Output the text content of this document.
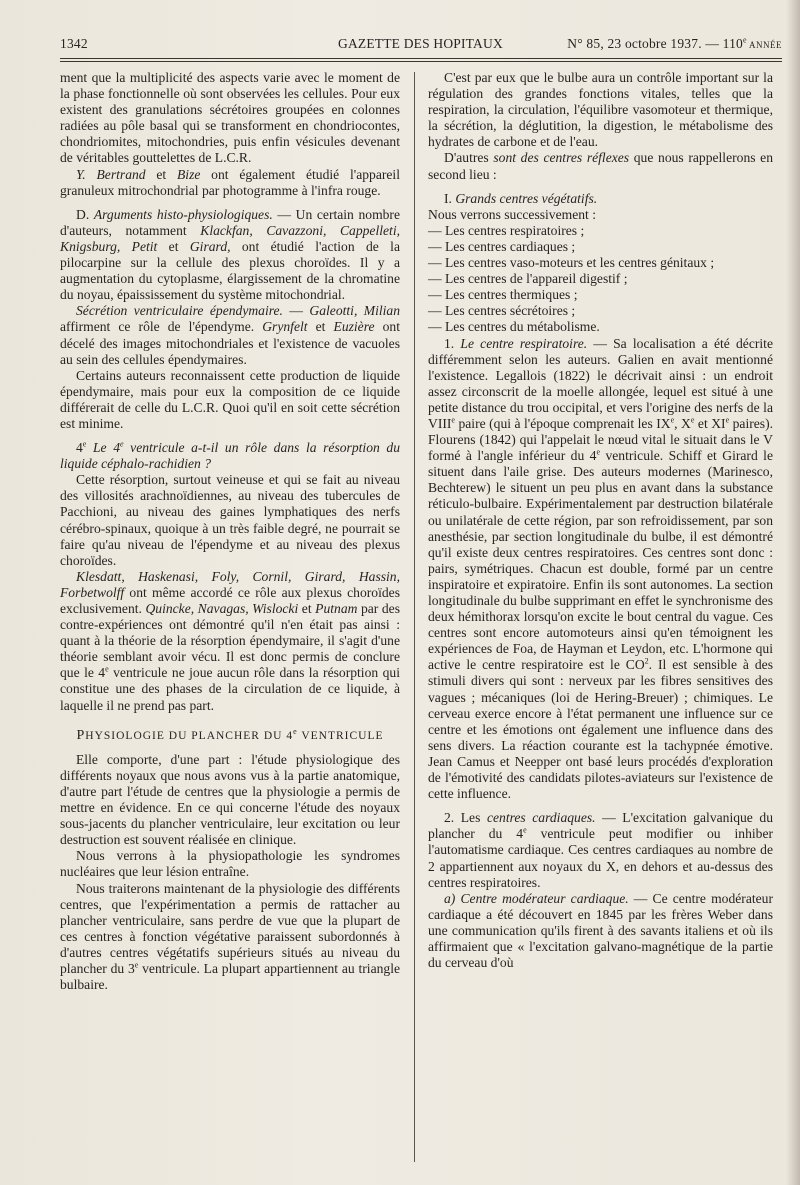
1342	GAZETTE DES HOPITAUX	N° 85, 23 octobre 1937. — 110e ANNÉE

ment que la multiplicité des aspects varie avec le moment de la phase fonctionnelle où sont observées les cellules. Pour eux existent des granulations sécrétoires groupées en colonnes radiées au pôle basal qui se transforment en chondriocontes, chondriomites, mitochondries, puis enfin vésicules devenant de véritables gouttelettes de L.C.R.

Y. Bertrand et Bize ont également étudié l'appareil granuleux mitrochondrial par photogramme à l'infra rouge.

D. Arguments histo-physiologiques. — Un certain nombre d'auteurs, notamment Klackfan, Cavazzoni, Cappelleti, Knigsburg, Petit et Girard, ont étudié l'action de la pilocarpine sur la cellule des plexus choroïdes. Il y a augmentation du cytoplasme, élargissement de la chromatine du noyau, épaississement du système mitochondrial.

Sécrétion ventriculaire épendymaire. — Galeotti, Milian affirment ce rôle de l'épendyme. Grynfelt et Euzière ont décelé des images mitochondriales et l'existence de vacuoles au sein des cellules épendymaires.

Certains auteurs reconnaissent cette production de liquide épendymaire, mais pour eux la composition de ce liquide différerait de celle du L.C.R. Quoi qu'il en soit cette sécrétion est minime.

4e Le 4e ventricule a-t-il un rôle dans la résorption du liquide céphalo-rachidien ?

Cette résorption, surtout veineuse et qui se fait au niveau des villosités arachnoïdiennes, au niveau des tubercules de Pacchioni, au niveau des gaines lymphatiques des nerfs cérébro-spinaux, quoique à un très faible degré, ne pourrait se faire qu'au niveau de l'épendyme et au niveau des plexus choroïdes.

Klesdatt, Haskenasi, Foly, Cornil, Girard, Hassin, Forbetwolff ont même accordé ce rôle aux plexus choroïdes exclusivement. Quincke, Navagas, Wislocki et Putnam par des contre-expériences ont démontré qu'il n'en était pas ainsi : quant à la théorie de la résorption épendymaire, il s'agit d'une théorie semblant avoir vécu. Il est donc permis de conclure que le 4e ventricule ne joue aucun rôle dans la résorption qui constitue une des phases de la circulation de ce liquide, à laquelle il ne prend pas part.

PHYSIOLOGIE DU PLANCHER DU 4e VENTRICULE

Elle comporte, d'une part : l'étude physiologique des différents noyaux que nous avons vus à la partie anatomique, d'autre part l'étude de centres que la physiologie a permis de mettre en évidence. En ce qui concerne l'étude des noyaux sous-jacents du plancher ventriculaire, leur excitation ou leur destruction est souvent réalisée en clinique.

Nous verrons à la physiopathologie les syndromes nucléaires que leur lésion entraîne.

Nous traiterons maintenant de la physiologie des différents centres, que l'expérimentation a permis de rattacher au plancher ventriculaire, sans perdre de vue que la plupart de ces centres à fonction végétative paraissent subordonnés à d'autres centres végétatifs supérieurs situés au niveau du plancher du 3e ventricule. La plupart appartiennent au triangle bulbaire.

C'est par eux que le bulbe aura un contrôle important sur la régulation des grandes fonctions vitales, telles que la respiration, la circulation, l'équilibre vasomoteur et thermique, la sécrétion, la déglutition, la digestion, le métabolisme des hydrates de carbone et de l'eau.

D'autres sont des centres réflexes que nous rappellerons en second lieu :

I. Grands centres végétatifs.

Nous verrons successivement :

— Les centres respiratoires ;

— Les centres cardiaques ;

— Les centres vaso-moteurs et les centres génitaux ;

— Les centres de l'appareil digestif ;

— Les centres thermiques ;

— Les centres sécrétoires ;

— Les centres du métabolisme.

1. Le centre respiratoire. — Sa localisation a été décrite différemment selon les auteurs. Galien en avait mentionné l'existence. Legallois (1822) le décrivait ainsi : un endroit assez circonscrit de la moelle allongée, lequel est situé à une petite distance du trou occipital, et vers l'origine des nerfs de la VIIIe paire (qui à l'époque comprenait les IXe, Xe et XIe paires). Flourens (1842) qui l'appelait le nœud vital le situait dans le V formé à l'angle inférieur du 4e ventricule. Schiff et Girard le situent dans l'aile grise. Des auteurs modernes (Marinesco, Bechterew) le situent un peu plus en avant dans la substance réticulo-bulbaire. Expérimentalement par destruction bilatérale ou unilatérale de cette région, par son refroidissement, par son anesthésie, par section longitudinale du bulbe, il est démontré qu'il existe deux centres respiratoires. Ces centres sont donc : pairs, symétriques. Chacun est double, formé par un centre inspiratoire et expiratoire. Enfin ils sont autonomes. La section longitudinale du bulbe supprimant en effet le synchronisme des deux hémithorax lorsqu'on excite le bout central du vague. Ces centres sont encore automoteurs ainsi qu'en témoignent les expériences de Foa, de Hayman et Leydon, etc. L'hormone qui active le centre respiratoire est le $CO^2$. Il est sensible à des stimuli divers qui sont : nerveux par les fibres sensitives des vagues ; mécaniques (loi de Hering-Breuer) ; chimiques. Le cerveau exerce encore à l'état permanent une influence sur ce centre et les émotions ont également une influence dans des sens divers. La réaction courante est la tachypnée émotive. Jean Camus et Neepper ont basé leurs procédés d'exploration de l'émotivité des candidats pilotes-aviateurs sur l'existence de cette influence.

2. Les centres cardiaques. — L'excitation galvanique du plancher du 4e ventricule peut modifier ou inhiber l'automatisme cardiaque. Ces centres cardiaques au nombre de 2 appartiennent aux noyaux du X, en dehors et au-dessus des centres respiratoires.

a) Centre modérateur cardiaque. — Ce centre modérateur cardiaque a été découvert en 1845 par les frères Weber dans une communication qu'ils firent à des savants italiens et où ils affirmaient que « l'excitation galvano-magnétique de la partie du cerveau d'où
